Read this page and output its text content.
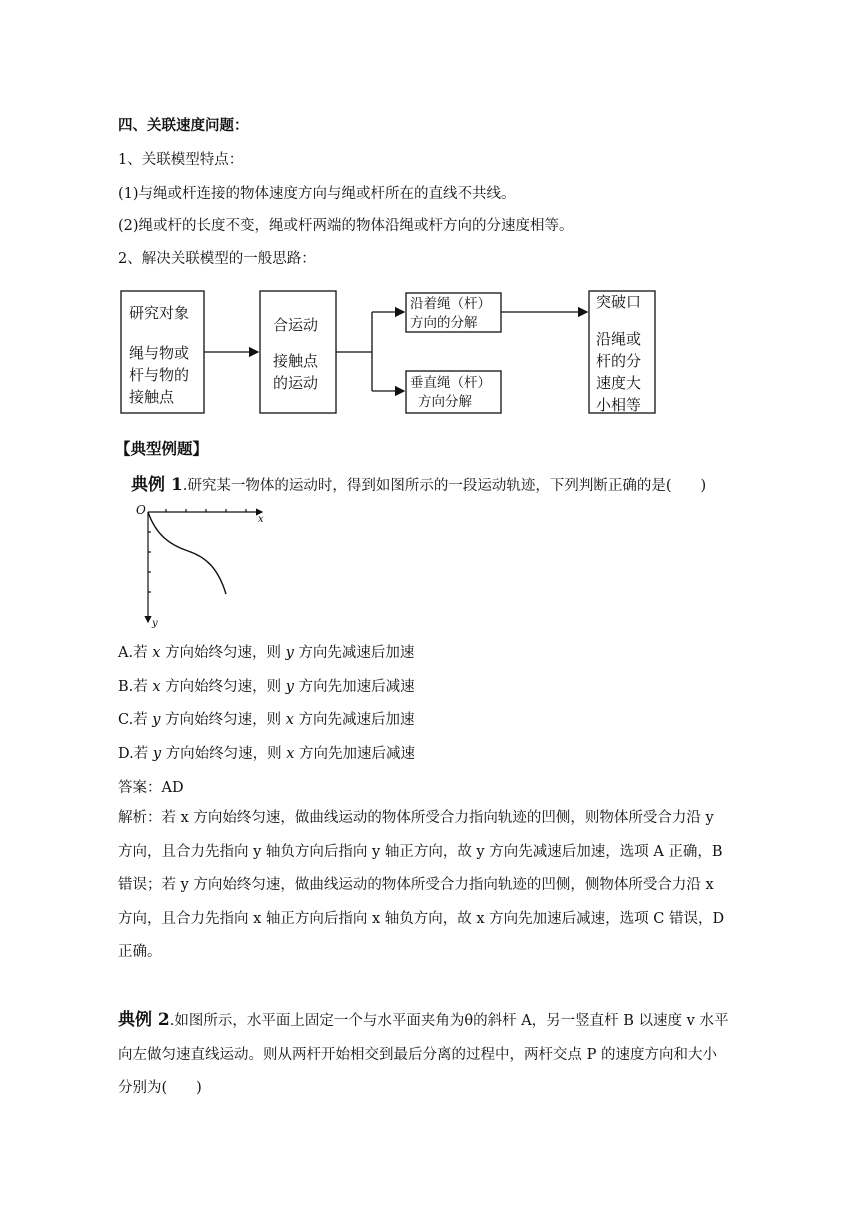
四、关联速度问题：
1、关联模型特点：
(1)与绳或杆连接的物体速度方向与绳或杆所在的直线不共线。
(2)绳或杆的长度不变，绳或杆两端的物体沿绳或杆方向的分速度相等。
2、解决关联模型的一般思路：
研究对象
绳与物或
杆与物的
接触点
合运动
接触点
的运动
沿着绳（杆）
方向的分解
垂直绳（杆）
方向分解
突破口
沿绳或
杆的分
速度大
小相等
【典型例题】
典例 1.研究某一物体的运动时，得到如图所示的一段运动轨迹，下列判断正确的是(　　)
O
x
y
A.若 x 方向始终匀速，则 y 方向先减速后加速
B.若 x 方向始终匀速，则 y 方向先加速后减速
C.若 y 方向始终匀速，则 x 方向先减速后加速
D.若 y 方向始终匀速，则 x 方向先加速后减速
答案：AD
解析：若 x 方向始终匀速，做曲线运动的物体所受合力指向轨迹的凹侧，则物体所受合力沿 y 方向，且合力先指向 y 轴负方向后指向 y 轴正方向，故 y 方向先减速后加速，选项 A 正确，B 错误；若 y 方向始终匀速，做曲线运动的物体所受合力指向轨迹的凹侧，侧物体所受合力沿 x 方向，且合力先指向 x 轴正方向后指向 x 轴负方向，故 x 方向先加速后减速，选项 C 错误，D 正确。
典例 2.如图所示，水平面上固定一个与水平面夹角为θ的斜杆 A，另一竖直杆 B 以速度 v 水平向左做匀速直线运动。则从两杆开始相交到最后分离的过程中，两杆交点 P 的速度方向和大小分别为(　　)
